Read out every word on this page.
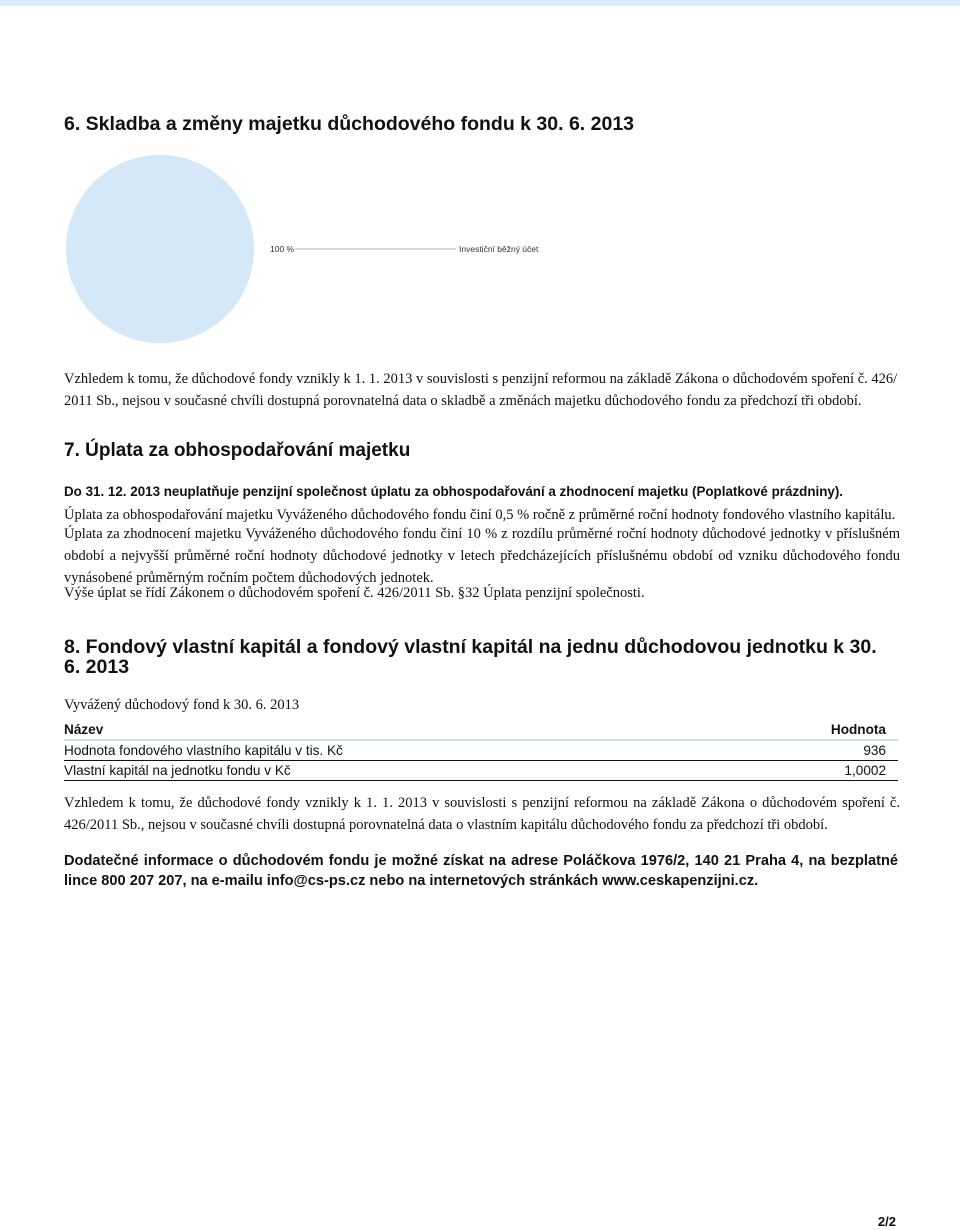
6. Skladba a změny majetku důchodového fondu k 30. 6. 2013
100 %	Investiční běžný účet

Vzhledem k tomu, že důchodové fondy vznikly k 1. 1. 2013 v souvislosti s penzijní reformou na základě Zákona o důchodovém spoření č. 426/ 2011 Sb., nejsou v současné chvíli dostupná porovnatelná data o skladbě a změnách majetku důchodového fondu za předchozí tři období.

7. Úplata za obhospodařování majetku

Do 31. 12. 2013 neuplatňuje penzijní společnost úplatu za obhospodařování a zhodnocení majetku (Poplatkové prázdniny).

Úplata za obhospodařování majetku Vyváženého důchodového fondu činí 0,5 % ročně z průměrné roční hodnoty fondového vlastního kapitálu.

Úplata za zhodnocení majetku Vyváženého důchodového fondu činí 10 % z rozdílu průměrné roční hodnoty důchodové jednotky v příslušném období a nejvyšší průměrné roční hodnoty důchodové jednotky v letech předcházejících příslušnému období od vzniku důchodového fondu vynásobené průměrným ročním počtem důchodových jednotek.

Výše úplat se řídí Zákonem o důchodovém spoření č. 426/2011 Sb. §32 Úplata penzijní společnosti.

8. Fondový vlastní kapitál a fondový vlastní kapitál na jednu důchodovou jednotku k 30. 6. 2013

Vyvážený důchodový fond k 30. 6. 2013

Název	Hodnota
Hodnota fondového vlastního kapitálu v tis. Kč	936
Vlastní kapitál na jednotku fondu v Kč	1,0002

Vzhledem k tomu, že důchodové fondy vznikly k 1. 1. 2013 v souvislosti s penzijní reformou na základě Zákona o důchodovém spoření č. 426/2011 Sb., nejsou v současné chvíli dostupná porovnatelná data o vlastním kapitálu důchodového fondu za předchozí tři období.

Dodatečné informace o důchodovém fondu je možné získat na adrese Poláčkova 1976/2, 140 21 Praha 4, na bezplatné lince 800 207 207, na e-mailu info@cs-ps.cz nebo na internetových stránkách www.ceskapenzijni.cz.

2/2
